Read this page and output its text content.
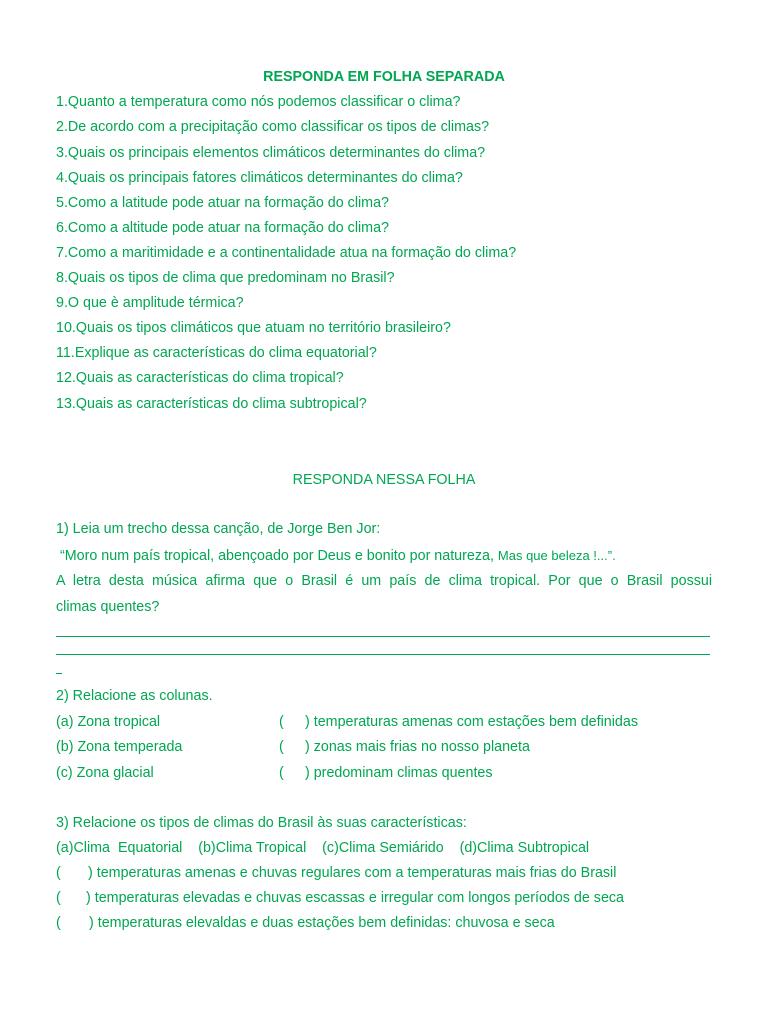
RESPONDA EM FOLHA SEPARADA
1.Quanto a temperatura como nós podemos classificar o clima?
2.De acordo com a precipitação como classificar os tipos de climas?
3.Quais os principais elementos climáticos determinantes do clima?
4.Quais os principais fatores climáticos determinantes do clima?
5.Como a latitude pode atuar na formação do clima?
6.Como a altitude pode atuar na formação do clima?
7.Como a maritimidade e a continentalidade atua na formação do clima?
8.Quais os tipos de clima que predominam no Brasil?
9.O que è amplitude térmica?
10.Quais os tipos climáticos que atuam no território brasileiro?
11.Explique as características do clima equatorial?
12.Quais as características do clima tropical?
13.Quais as características do clima subtropical?
RESPONDA NESSA FOLHA
1) Leia um trecho dessa canção, de Jorge Ben Jor:
“Moro num país tropical, abençoado por Deus e bonito por natureza, Mas que beleza !...”.
A letra desta música afirma que o Brasil é um país de clima tropical. Por que o Brasil possui
climas quentes?
2) Relacione as colunas.
(a) Zona tropical	( ) temperaturas amenas com estações bem definidas
(b) Zona temperada	( ) zonas mais frias no nosso planeta
(c) Zona glacial	( ) predominam climas quentes
3) Relacione os tipos de climas do Brasil às suas características:
(a)Clima  Equatorial    (b)Clima Tropical    (c)Clima Semiárido    (d)Clima Subtropical
( ) temperaturas amenas e chuvas regulares com a temperaturas mais frias do Brasil
( ) temperaturas elevadas e chuvas escassas e irregular com longos períodos de seca
( ) temperaturas elevaldas e duas estações bem definidas: chuvosa e seca
